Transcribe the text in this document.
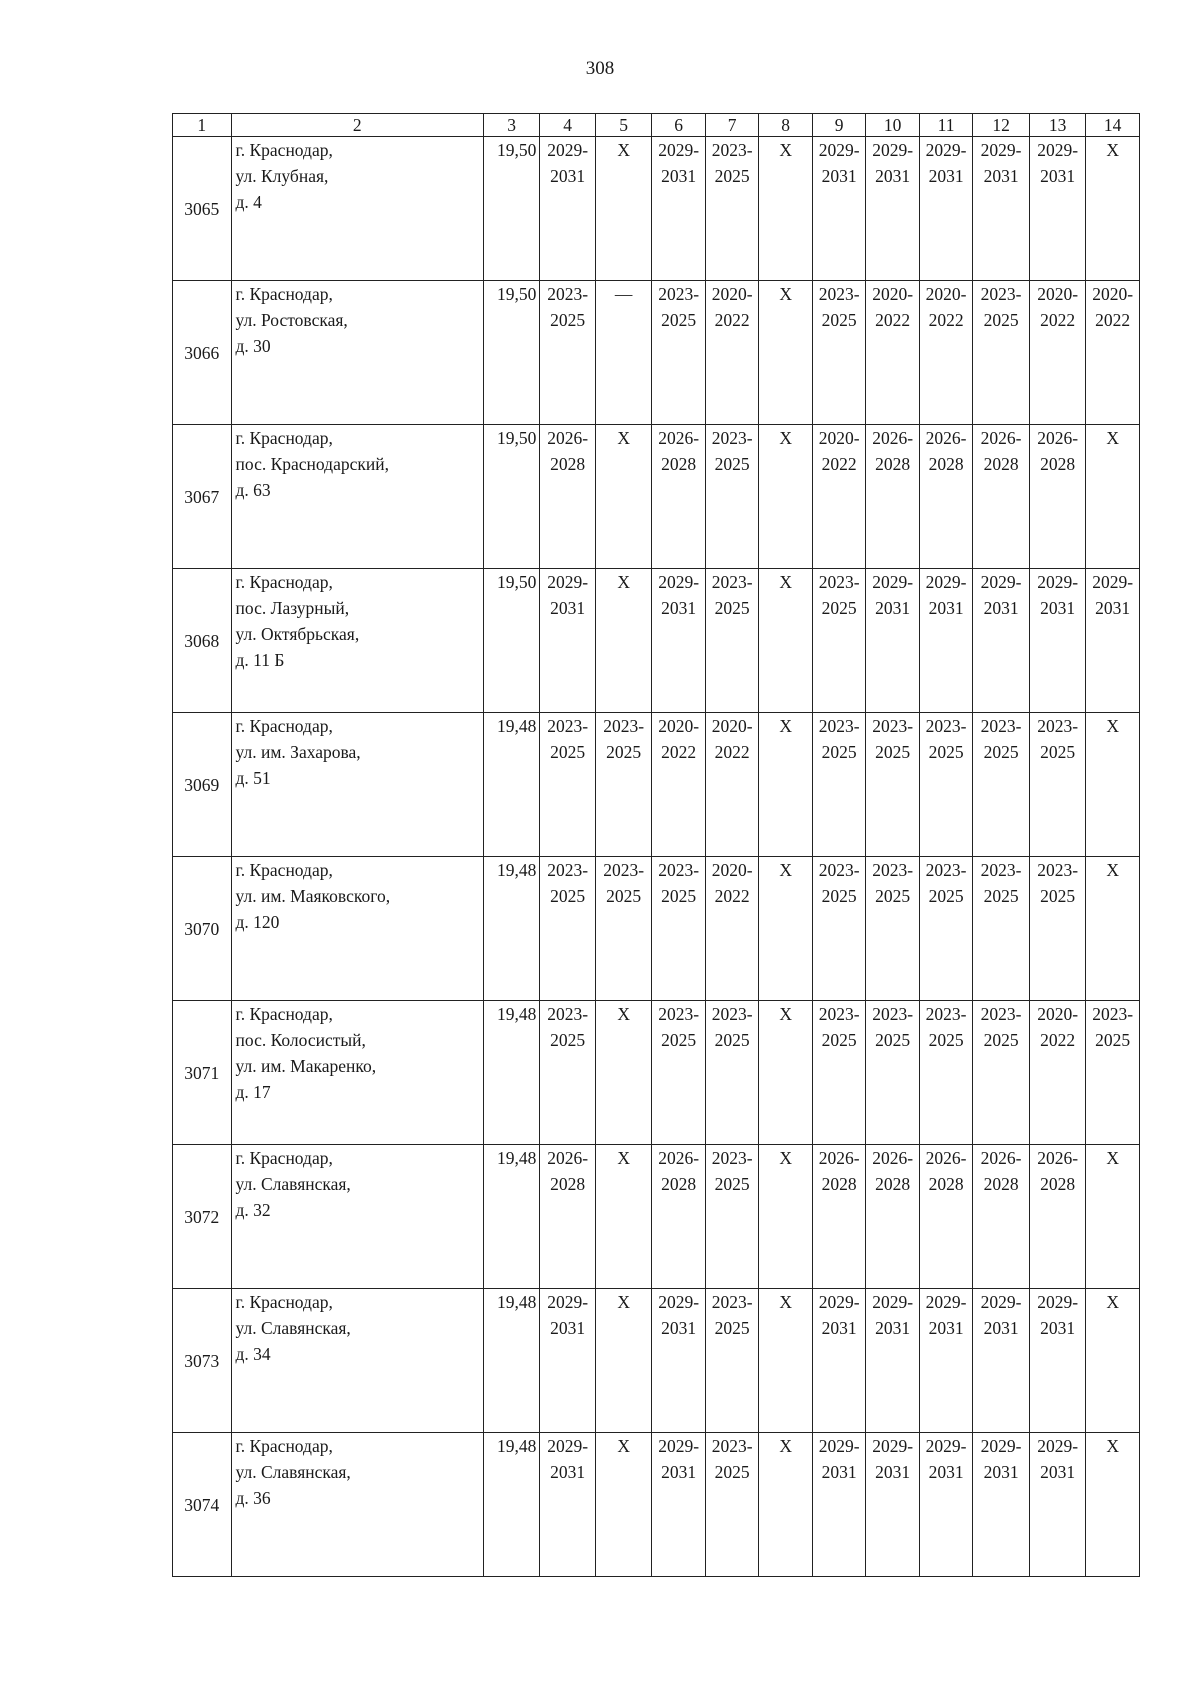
308
1	2	3	4	5	6	7	8	9	10	11	12	13	14
3065	г. Краснодар,
ул. Клубная,
д. 4	19,50	2029-
2031	X	2029-
2031	2023-
2025	X	2029-
2031	2029-
2031	2029-
2031	2029-
2031	2029-
2031	X

3066	г. Краснодар,
ул. Ростовская,
д. 30	19,50	2023-
2025	—	2023-
2025	2020-
2022	X	2023-
2025	2020-
2022	2020-
2022	2023-
2025	2020-
2022	2020-
2022

3067	г. Краснодар,
пос. Краснодарский,
д. 63	19,50	2026-
2028	X	2026-
2028	2023-
2025	X	2020-
2022	2026-
2028	2026-
2028	2026-
2028	2026-
2028	X

3068	г. Краснодар,
пос. Лазурный,
ул. Октябрьская,
д. 11 Б	19,50	2029-
2031	X	2029-
2031	2023-
2025	X	2023-
2025	2029-
2031	2029-
2031	2029-
2031	2029-
2031	2029-
2031

3069	г. Краснодар,
ул. им. Захарова,
д. 51	19,48	2023-
2025	2023-
2025	2020-
2022	2020-
2022	X	2023-
2025	2023-
2025	2023-
2025	2023-
2025	2023-
2025	X

3070	г. Краснодар,
ул. им. Маяковского,
д. 120	19,48	2023-
2025	2023-
2025	2023-
2025	2020-
2022	X	2023-
2025	2023-
2025	2023-
2025	2023-
2025	2023-
2025	X

3071	г. Краснодар,
пос. Колосистый,
ул. им. Макаренко,
д. 17	19,48	2023-
2025	X	2023-
2025	2023-
2025	X	2023-
2025	2023-
2025	2023-
2025	2023-
2025	2020-
2022	2023-
2025

3072	г. Краснодар,
ул. Славянская,
д. 32	19,48	2026-
2028	X	2026-
2028	2023-
2025	X	2026-
2028	2026-
2028	2026-
2028	2026-
2028	2026-
2028	X

3073	г. Краснодар,
ул. Славянская,
д. 34	19,48	2029-
2031	X	2029-
2031	2023-
2025	X	2029-
2031	2029-
2031	2029-
2031	2029-
2031	2029-
2031	X

3074	г. Краснодар,
ул. Славянская,
д. 36	19,48	2029-
2031	X	2029-
2031	2023-
2025	X	2029-
2031	2029-
2031	2029-
2031	2029-
2031	2029-
2031	X
